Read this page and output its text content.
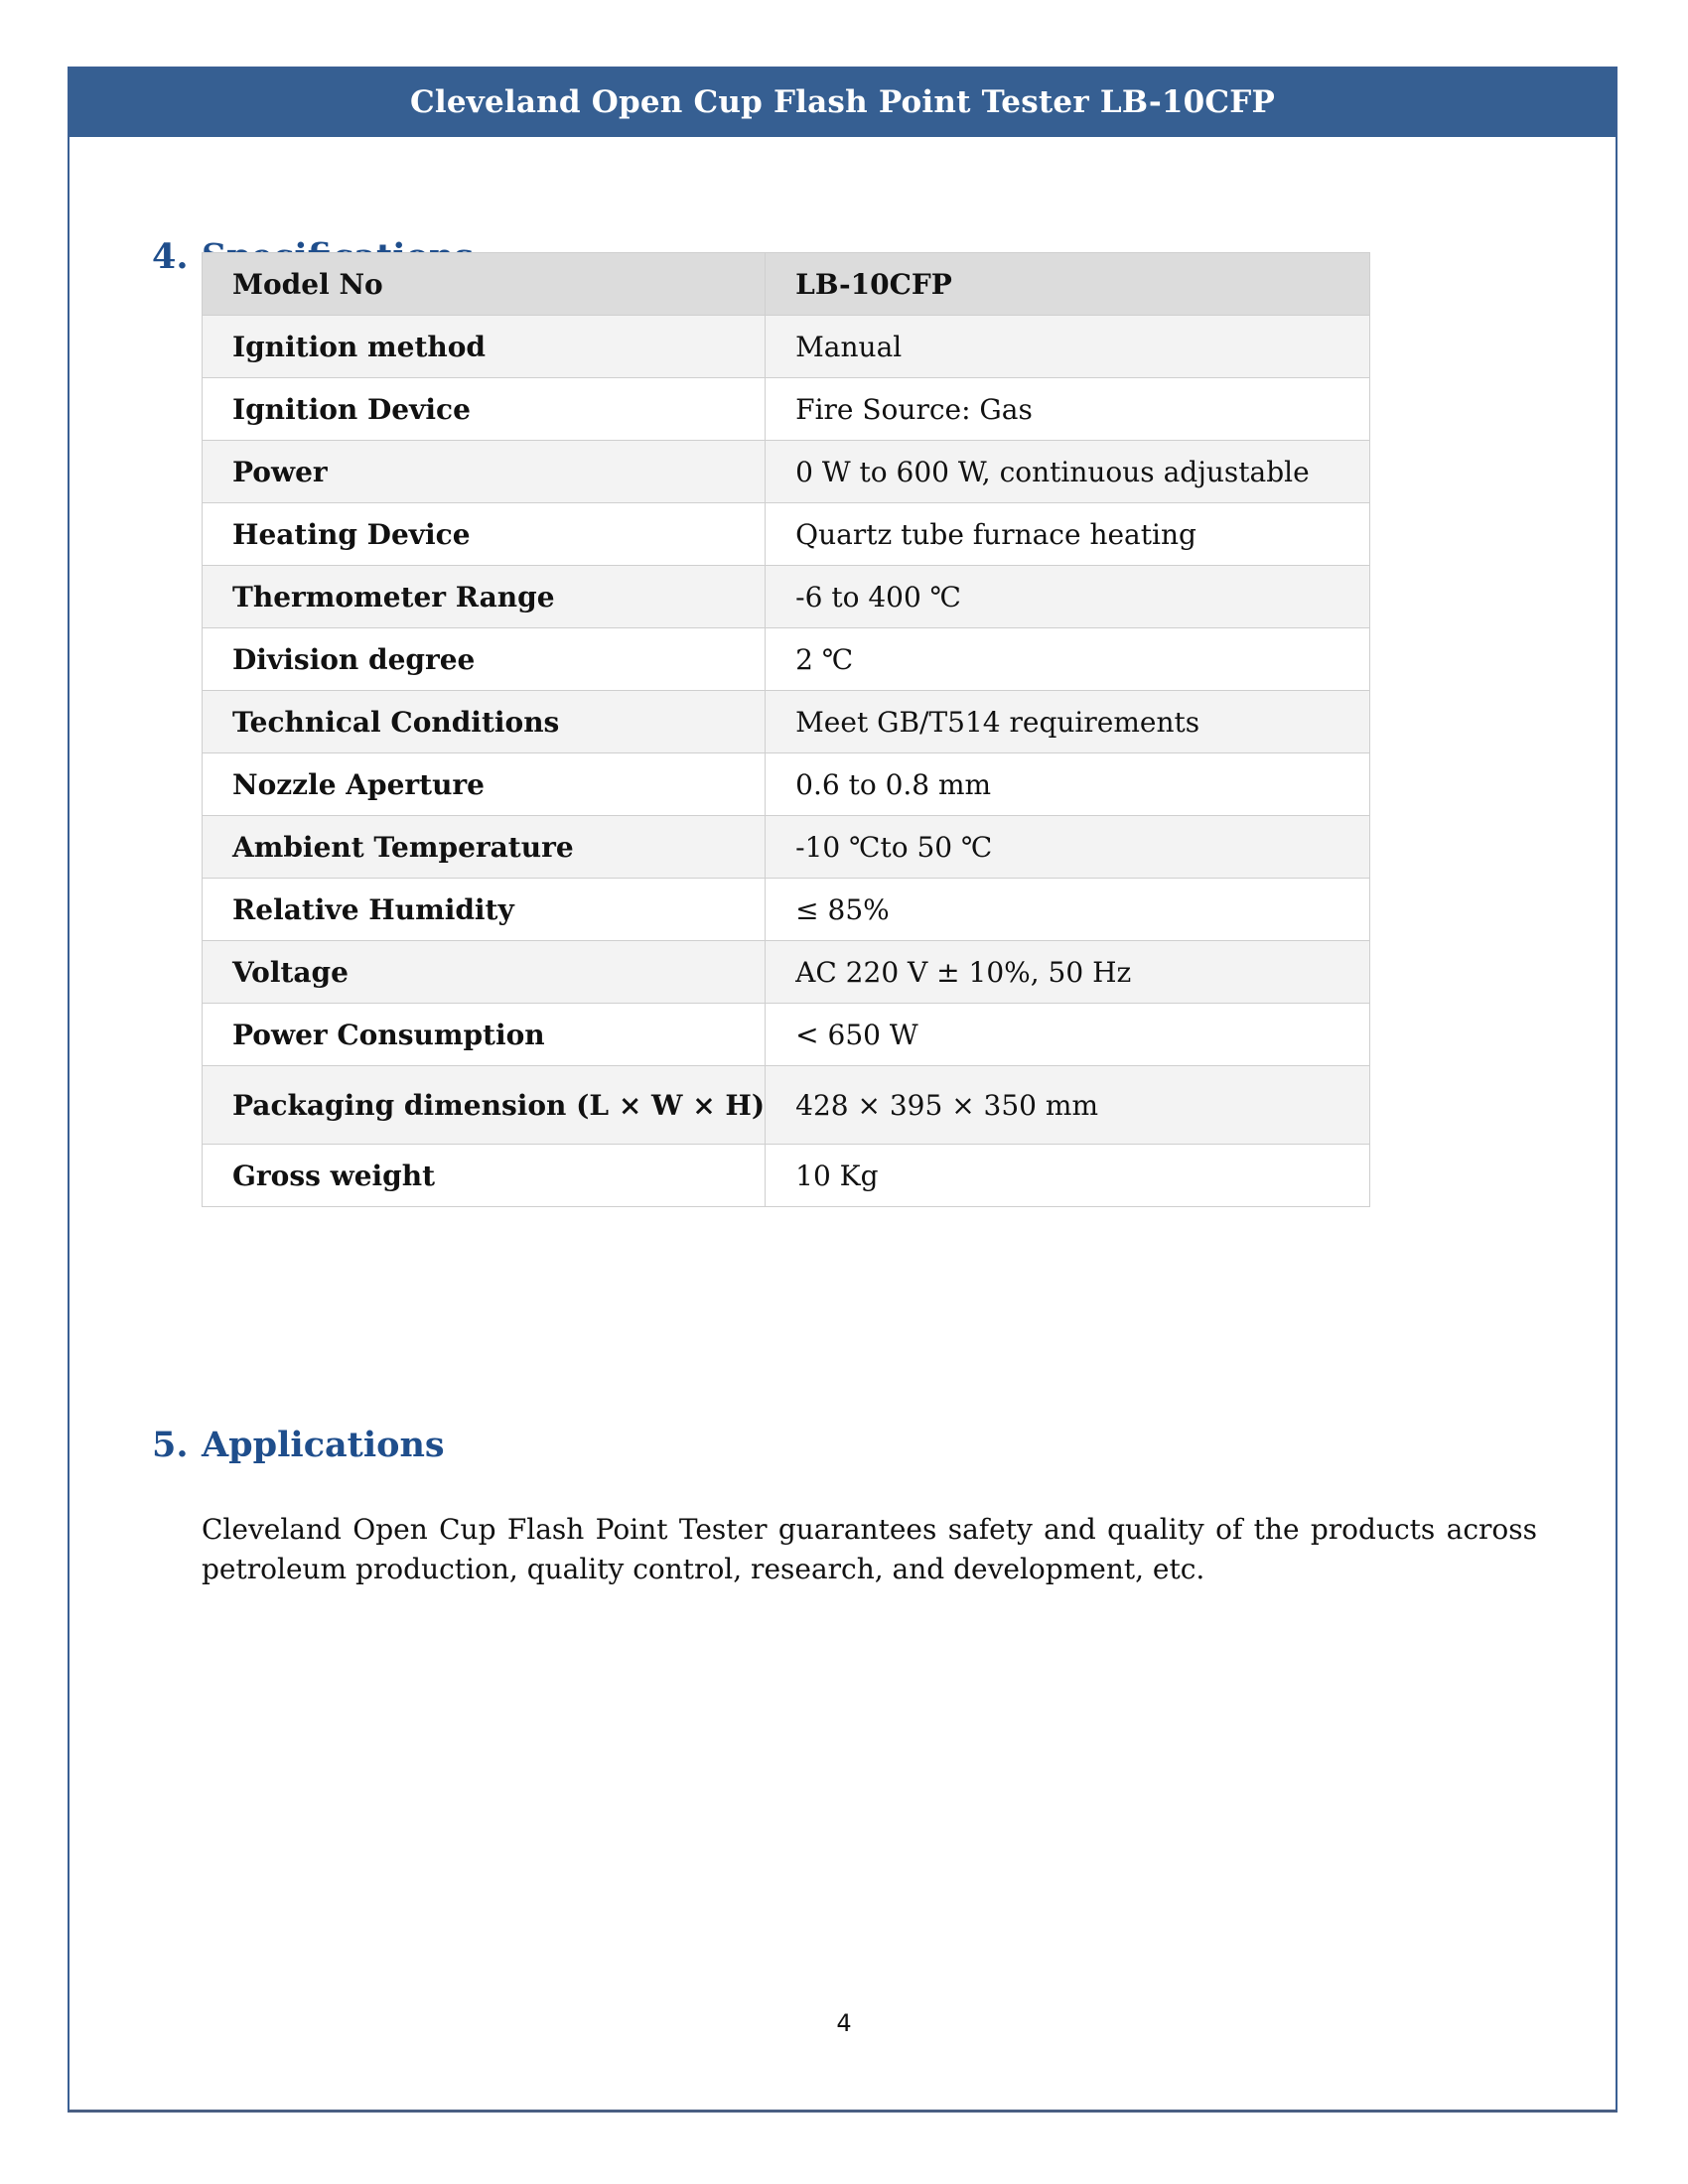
Cleveland Open Cup Flash Point Tester LB-10CFP
4.
Model No	LB-10CFP
Ignition method	Manual
Ignition Device	Fire Source: Gas
Power	0 W to 600 W, continuous adjustable
Heating Device	Quartz tube furnace heating
Thermometer Range	-6 to 400 ℃
Division degree	2 ℃
Technical Conditions	Meet GB/T514 requirements
Nozzle Aperture	0.6 to 0.8 mm
Ambient Temperature	-10 ℃to 50 ℃
Relative Humidity	≤ 85%
Voltage	AC 220 V ± 10%, 50 Hz
Power Consumption	< 650 W
Packaging dimension (L × W × H)	428 × 395 × 350 mm
Gross weight	10 Kg
5. Applications

Cleveland Open Cup Flash Point Tester guarantees safety and quality of the products across petroleum production, quality control, research, and development, etc.

4
